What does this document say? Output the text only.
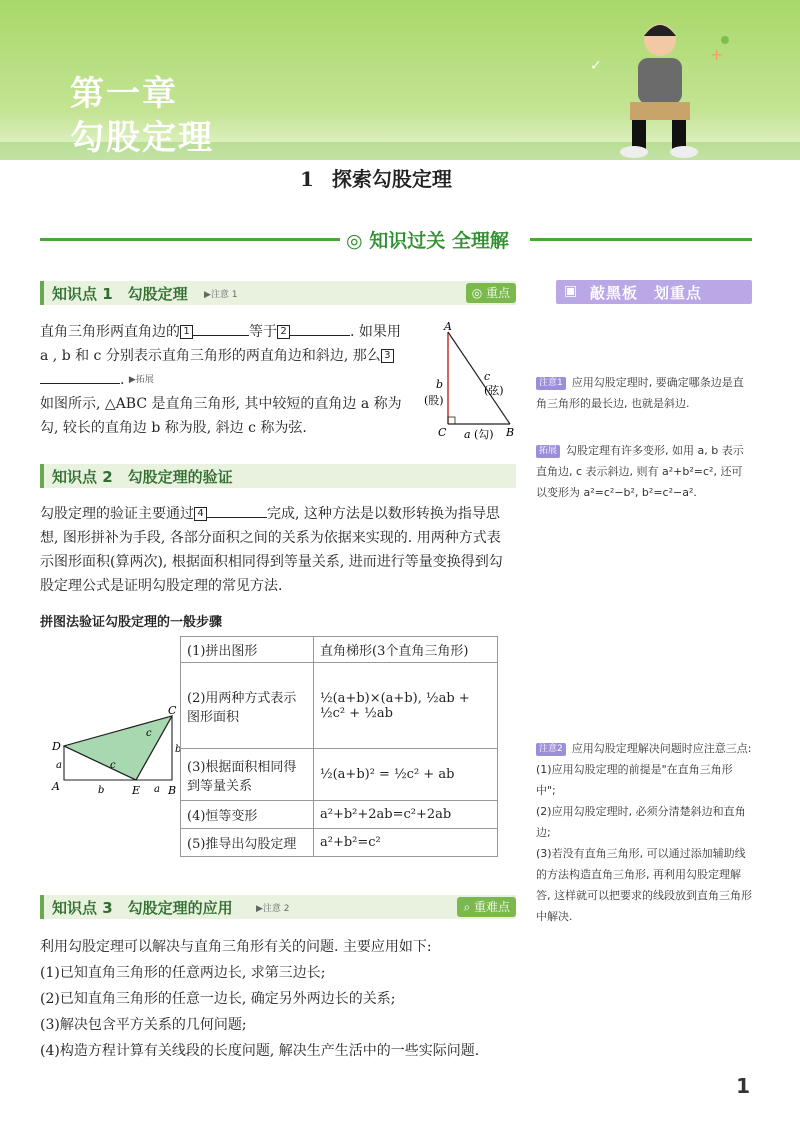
+
✓
第一章
勾股定理
1 探索勾股定理
◎ 知识过关 全理解
知识点 1　勾股定理 ▶注意 1	◎ 重点
直角三角形两直角边的 1	等于 2	. 如果用 a , b 和 c 分别表示直角三角形的两直角边和斜边, 那么 3. ▶拓展
如图所示, △ABC 是直角三角形, 其中较短的直角边 a 称为勾, 较长的直角边 b 称为股, 斜边 c 称为弦.
A
b
(股)
c
(弦)
C a (勾) B
知识点 2　勾股定理的验证
勾股定理的验证主要通过 4	完成, 这种方法是以数形转换为指导思想, 图形拼补为手段, 各部分面积之间的关系为依据来实现的. 用两种方式表示图形面积(算两次), 根据面积相同得到等量关系, 进而进行等量变换得到勾股定理公式是证明勾股定理的常见方法.
拼图法验证勾股定理的一般步骤
C
D
A	E	B
a
b
c
a
b
c
(1)拼出图形	直角梯形(3个直角三角形)
(2)用两种方式表示图形面积	½(a+b)×(a+b), ½ab + ½c² + ½ab
(3)根据面积相同得到等量关系	½(a+b)² = ½c² + ab
(4)恒等变形	a²+b²+2ab=c²+2ab
(5)推导出勾股定理	a²+b²=c²
知识点 3　勾股定理的应用	▶注意 2	⌕ 重难点
利用勾股定理可以解决与直角三角形有关的问题. 主要应用如下:
(1)已知直角三角形的任意两边长, 求第三边长;
(2)已知直角三角形的任意一边长, 确定另外两边长的关系;
(3)解决包含平方关系的几何问题;
(4)构造方程计算有关线段的长度问题, 解决生产生活中的一些实际问题.
▣ 敲黑板　划重点
注意1 应用勾股定理时, 要确定哪条边是直角三角形的最长边, 也就是斜边.
拓展 勾股定理有许多变形, 如用 a, b 表示直角边, c 表示斜边, 则有 a²+b²=c², 还可以变形为 a²=c²−b², b²=c²−a².
注意2 应用勾股定理解决问题时应注意三点:
(1)应用勾股定理的前提是"在直角三角形中";
(2)应用勾股定理时, 必须分清楚斜边和直角边;
(3)若没有直角三角形, 可以通过添加辅助线的方法构造直角三角形, 再利用勾股定理解答, 这样就可以把要求的线段放到直角三角形中解决.
1
